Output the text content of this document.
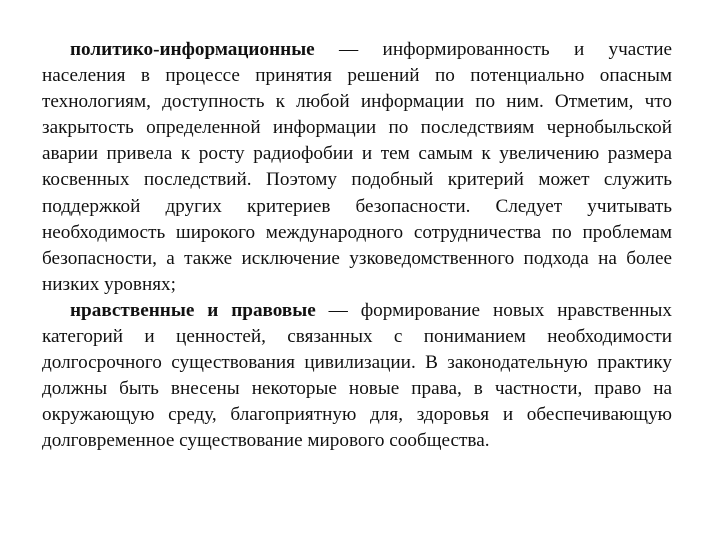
политико-информационные — информированность и участие населения в процессе принятия решений по потенциально опасным технологиям, доступность к любой информации по ним. Отметим, что закрытость определенной информации по последствиям чернобыльской аварии привела к росту радиофобии и тем самым к увеличению размера косвенных последствий. Поэтому подобный критерий может служить поддержкой других критериев безопасности. Следует учитывать необходимость широкого международного сотрудничества по проблемам безопасности, а также исключение узковедомственного подхода на более низких уровнях;

нравственные и правовые — формирование новых нравственных категорий и ценностей, связанных с пониманием необходимости долгосрочного существования цивилизации. В законодательную практику должны быть внесены некоторые новые права, в частности, право на окружающую среду, благоприятную для, здоровья и обеспечивающую долговременное существование мирового сообщества.
